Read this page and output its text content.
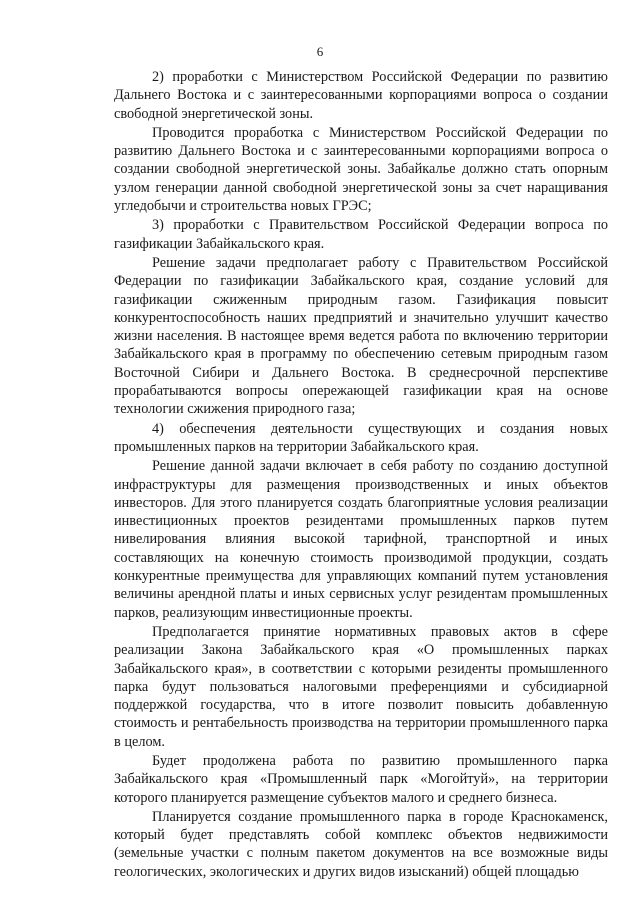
6

2) проработки с Министерством Российской Федерации по развитию Дальнего Востока и с заинтересованными корпорациями вопроса о создании свободной энергетической зоны.

Проводится проработка с Министерством Российской Федерации по развитию Дальнего Востока и с заинтересованными корпорациями вопроса о создании свободной энергетической зоны. Забайкалье должно стать опорным узлом генерации данной свободной энергетической зоны за счет наращивания угледобычи и строительства новых ГРЭС;

3) проработки с Правительством Российской Федерации вопроса по газификации Забайкальского края.

Решение задачи предполагает работу с Правительством Российской Федерации по газификации Забайкальского края, создание условий для газификации сжиженным природным газом. Газификация повысит конкурентоспособность наших предприятий и значительно улучшит качество жизни населения. В настоящее время ведется работа по включению территории Забайкальского края в программу по обеспечению сетевым природным газом Восточной Сибири и Дальнего Востока. В среднесрочной перспективе прорабатываются вопросы опережающей газификации края на основе технологии сжижения природного газа;

4) обеспечения деятельности существующих и создания новых промышленных парков на территории Забайкальского края.

Решение данной задачи включает в себя работу по созданию доступной инфраструктуры для размещения производственных и иных объектов инвесторов. Для этого планируется создать благоприятные условия реализации инвестиционных проектов резидентами промышленных парков путем нивелирования влияния высокой тарифной, транспортной и иных составляющих на конечную стоимость производимой продукции, создать конкурентные преимущества для управляющих компаний путем установления величины арендной платы и иных сервисных услуг резидентам промышленных парков, реализующим инвестиционные проекты.

Предполагается принятие нормативных правовых актов в сфере реализации Закона Забайкальского края «О промышленных парках Забайкальского края», в соответствии с которыми резиденты промышленного парка будут пользоваться налоговыми преференциями и субсидиарной поддержкой государства, что в итоге позволит повысить добавленную стоимость и рентабельность производства на территории промышленного парка в целом.

Будет продолжена работа по развитию промышленного парка Забайкальского края «Промышленный парк «Могойтуй», на территории которого планируется размещение субъектов малого и среднего бизнеса.

Планируется создание промышленного парка в городе Краснокаменск, который будет представлять собой комплекс объектов недвижимости (земельные участки с полным пакетом документов на все возможные виды геологических, экологических и других видов изысканий) общей площадью
